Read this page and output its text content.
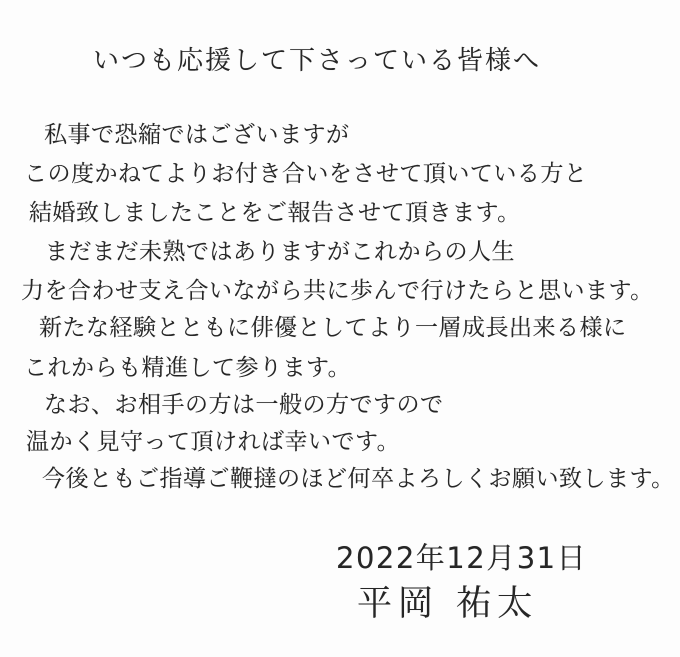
いつも応援して下さっている皆様へ
私事で恐縮ではございますが
この度かねてよりお付き合いをさせて頂いている方と
結婚致しましたことをご報告させて頂きます。
まだまだ未熟ではありますがこれからの人生
力を合わせ支え合いながら共に歩んで行けたらと思います。
新たな経験とともに俳優としてより一層成長出来る様に
これからも精進して参ります。
なお、お相手の方は一般の方ですので
温かく見守って頂ければ幸いです。
今後ともご指導ご鞭撻のほど何卒よろしくお願い致します。
2022年12月31日
平岡 祐太
